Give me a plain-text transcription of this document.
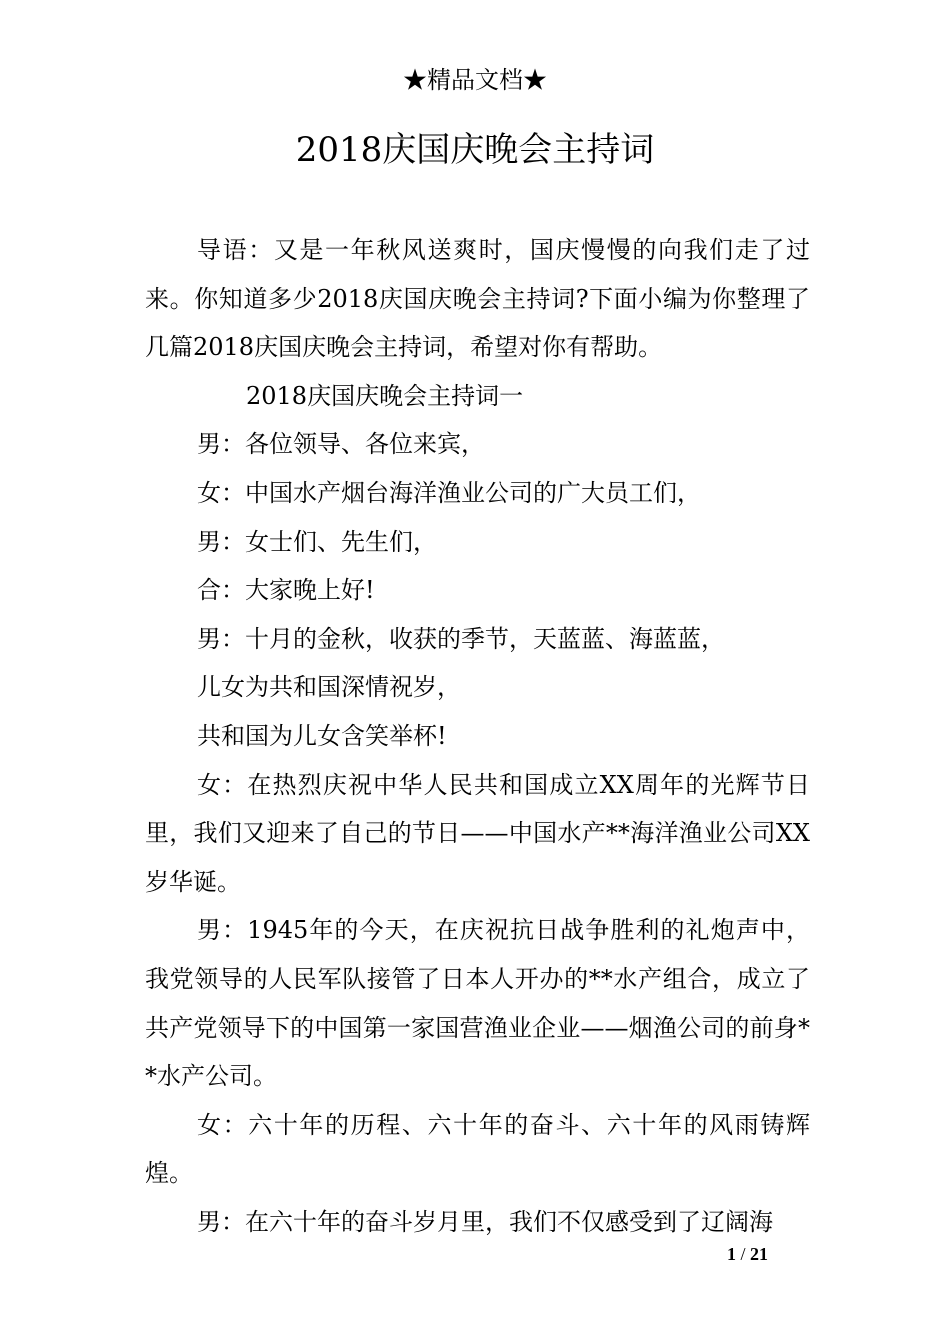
★精品文档★
2018庆国庆晚会主持词

导语：又是一年秋风送爽时，国庆慢慢的向我们走了过来。你知道多少2018庆国庆晚会主持词?下面小编为你整理了几篇2018庆国庆晚会主持词，希望对你有帮助。

2018庆国庆晚会主持词一

男：各位领导、各位来宾，

女：中国水产烟台海洋渔业公司的广大员工们，

男：女士们、先生们，

合：大家晚上好!

男：十月的金秋，收获的季节，天蓝蓝、海蓝蓝，

儿女为共和国深情祝岁，

共和国为儿女含笑举杯!

女：在热烈庆祝中华人民共和国成立XX周年的光辉节日里，我们又迎来了自己的节日——中国水产**海洋渔业公司XX岁华诞。

男：1945年的今天，在庆祝抗日战争胜利的礼炮声中，我党领导的人民军队接管了日本人开办的**水产组合，成立了共产党领导下的中国第一家国营渔业企业——烟渔公司的前身**水产公司。

女：六十年的历程、六十年的奋斗、六十年的风雨铸辉煌。

男：在六十年的奋斗岁月里，我们不仅感受到了辽阔海

1 / 21
